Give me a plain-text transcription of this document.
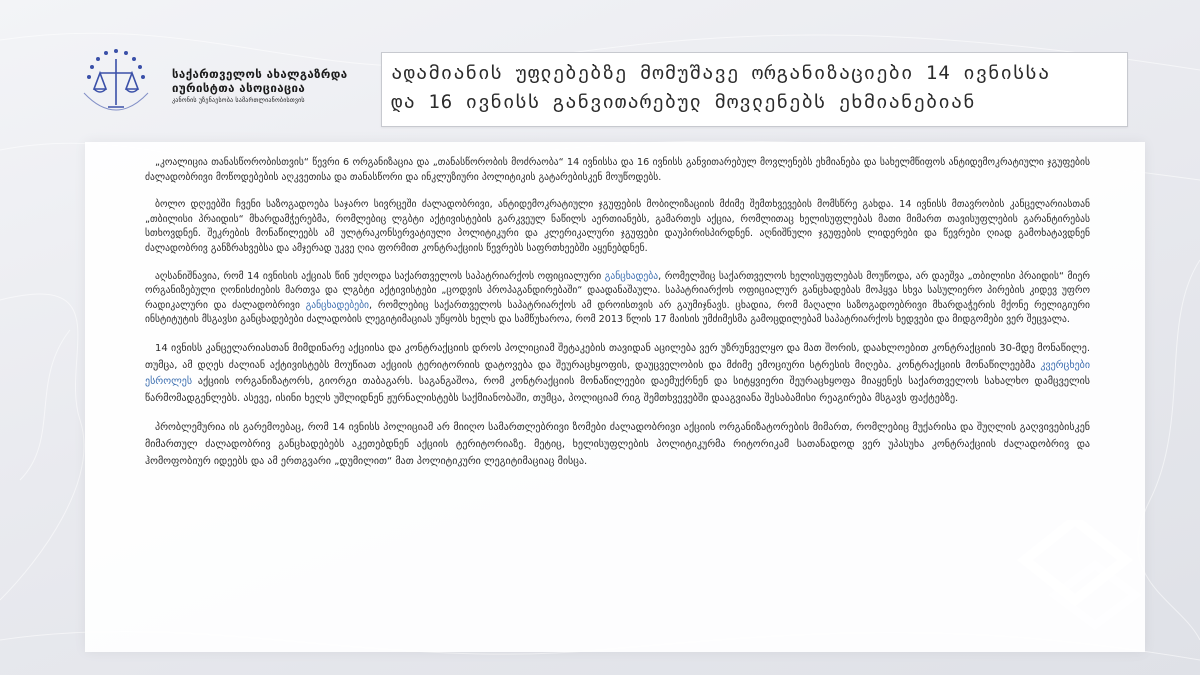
საქართველოს ახალგაზრდა
იურისტთა ასოციაცია
კანონის უზენაესობა სამართლიანობისთვის

ადამიანის უფლებებზე მომუშავე ორგანიზაციები 14 ივნისსა

და 16 ივნისს განვითარებულ მოვლენებს ეხმიანებიან

„კოალიცია თანასწორობისთვის“ წევრი 6 ორგანიზაცია და „თანასწორობის მოძრაობა“ 14 ივნისსა და 16 ივნისს განვითარებულ მოვლენებს ეხმიანება და სახელმწიფოს ანტიდემოკრატიული ჯგუფების ძალადობრივი მოწოდებების აღკვეთისა და თანასწორი და ინკლუზიური პოლიტიკის გატარებისკენ მოუწოდებს.

ბოლო დღეებში ჩვენი საზოგადოება საჯარო სივრცეში ძალადობრივი, ანტიდემოკრატიული ჯგუფების მობილიზაციის მძიმე შემთხვევების მომსწრე გახდა. 14 ივნისს მთავრობის კანცელარიასთან „თბილისი პრაიდის“ მხარდამჭერებმა, რომლებიც ლგბტი აქტივისტების გარკვეულ ნაწილს აერთიანებს, გამართეს აქცია, რომლითაც ხელისუფლებას მათი მიმართ თავისუფლების გარანტირებას სთხოვდნენ. შეკრების მონაწილეებს ამ ულტრაკონსერვატიული პოლიტიკური და კლერიკალური ჯგუფები დაუპირისპირდნენ. აღნიშნული ჯგუფების ლიდერები და წევრები ღიად გამოხატავდნენ ძალადობრივ განზრახვებსა და ამჯერად უკვე ღია ფორმით კონტრაქციის წევრებს საფრთხეებში აყენებდნენ.

აღსანიშნავია, რომ 14 ივნისის აქციას წინ უძღოდა საქართველოს საპატრიარქოს ოფიციალური განცხადება, რომელშიც საქართველოს ხელისუფლებას მოუწოდა, არ დაეშვა „თბილისი პრაიდის“ მიერ ორგანიზებული ღონისძიების მართვა და ლგბტი აქტივისტები „ცოდვის პროპაგანდირებაში“ დაადანაშაულა. საპატრიარქოს ოფიციალურ განცხადებას მოჰყვა სხვა სასულიერო პირების კიდევ უფრო რადიკალური და ძალადობრივი განცხადებები, რომლებიც საქართველოს საპატრიარქოს ამ დროისთვის არ გაუმიჯნავს. ცხადია, რომ მაღალი საზოგადოებრივი მხარდაჭერის მქონე რელიგიური ინსტიტუტის მსგავსი განცხადებები ძალადობის ლეგიტიმაციას უწყობს ხელს და სამწუხაროა, რომ 2013 წლის 17 მაისის უმძიმესმა გამოცდილებამ საპატრიარქოს ხედვები და მიდგომები ვერ შეცვალა.

14 ივნისს კანცელარიასთან მიმდინარე აქციისა და კონტრაქციის დროს პოლიციამ შეტაკების თავიდან აცილება ვერ უზრუნველყო და მათ შორის, დაახლოებით კონტრაქციის 30-მდე მონაწილე. თუმცა, ამ დღეს ძალიან აქტივისტებს მოუწიათ აქციის ტერიტორიის დატოვება და შეურაცხყოფის, დაუცველობის და მძიმე ემოციური სტრესის მიღება. კონტრაქციის მონაწილეებმა კვერცხები ესროლეს აქციის ორგანიზატორს, გიორგი თაბაგარს. საგანგაშოა, რომ კონტრაქციის მონაწილეები დაემუქრნენ და სიტყვიერი შეურაცხყოფა მიაყენეს საქართველოს სახალხო დამცველის წარმომადგენლებს. ასევე, ისინი ხელს უშლიდნენ ჟურნალისტებს საქმიანობაში, თუმცა, პოლიციამ რიგ შემთხვევებში დააგვიანა შესაბამისი რეაგირება მსგავს ფაქტებზე.

პრობლემურია ის გარემოებაც, რომ 14 ივნისს პოლიციამ არ მიიღო სამართლებრივი ზომები ძალადობრივი აქციის ორგანიზატორების მიმართ, რომლებიც მუქარისა და შუღლის გაღვივებისკენ მიმართულ ძალადობრივ განცხადებებს აკეთებდნენ აქციის ტერიტორიაზე. მეტიც, ხელისუფლების პოლიტიკურმა რიტორიკამ სათანადოდ ვერ უპასუხა კონტრაქციის ძალადობრივ და ჰომოფობიურ იდეებს და ამ ერთგვარი „დუმილით“ მათ პოლიტიკური ლეგიტიმაციაც მისცა.
